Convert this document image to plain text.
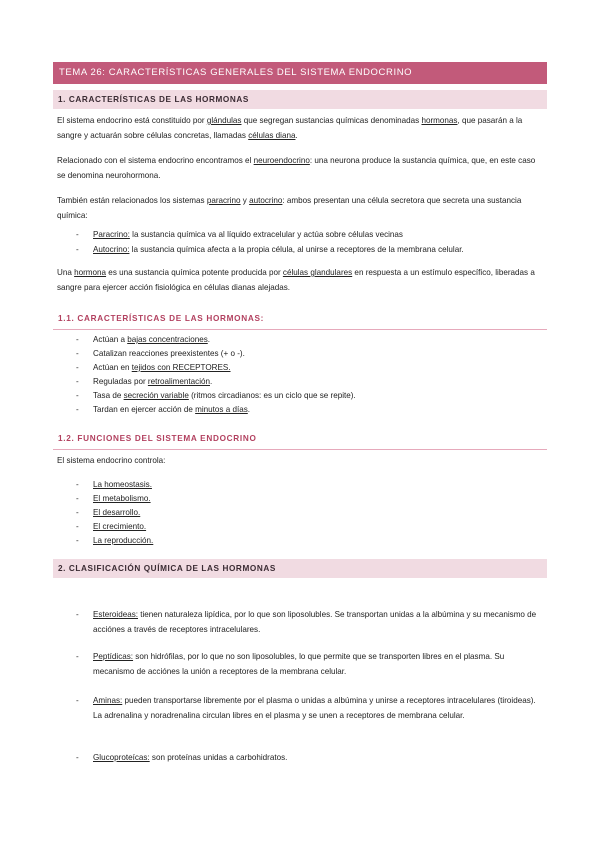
TEMA 26: CARACTERÍSTICAS GENERALES DEL SISTEMA ENDOCRINO
1. CARACTERÍSTICAS DE LAS HORMONAS
El sistema endocrino está constituido por glándulas que segregan sustancias químicas denominadas hormonas, que pasarán a la sangre y actuarán sobre células concretas, llamadas células diana.
Relacionado con el sistema endocrino encontramos el neuroendocrino: una neurona produce la sustancia química, que, en este caso se denomina neurohormona.
También están relacionados los sistemas paracrino y autocrino: ambos presentan una célula secretora que secreta una sustancia química:
- Paracrino: la sustancia química va al líquido extracelular y actúa sobre células vecinas
- Autocrino: la sustancia química afecta a la propia célula, al unirse a receptores de la membrana celular.
Una hormona es una sustancia química potente producida por células glandulares en respuesta a un estímulo específico, liberadas a sangre para ejercer acción fisiológica en células dianas alejadas.
1.1. CARACTERÍSTICAS DE LAS HORMONAS:
- Actúan a bajas concentraciones.
- Catalizan reacciones preexistentes (+ o -).
- Actúan en tejidos con RECEPTORES.
- Reguladas por retroalimentación.
- Tasa de secreción variable (ritmos circadianos: es un ciclo que se repite).
- Tardan en ejercer acción de minutos a días.
1.2. FUNCIONES DEL SISTEMA ENDOCRINO
El sistema endocrino controla:
- La homeostasis.
- El metabolismo.
- El desarrollo.
- El crecimiento.
- La reproducción.
2. CLASIFICACIÓN QUÍMICA DE LAS HORMONAS
- Esteroideas: tienen naturaleza lipídica, por lo que son liposolubles. Se transportan unidas a la albúmina y su mecanismo de acciónes a través de receptores intracelulares.
- Peptídicas: son hidrófilas, por lo que no son liposolubles, lo que permite que se transporten libres en el plasma. Su mecanismo de acciónes la unión a receptores de la membrana celular.
- Aminas: pueden transportarse libremente por el plasma o unidas a albúmina y unirse a receptores intracelulares (tiroideas). La adrenalina y noradrenalina circulan libres en el plasma y se unen a receptores de membrana celular.
- Glucoproteícas: son proteínas unidas a carbohidratos.
